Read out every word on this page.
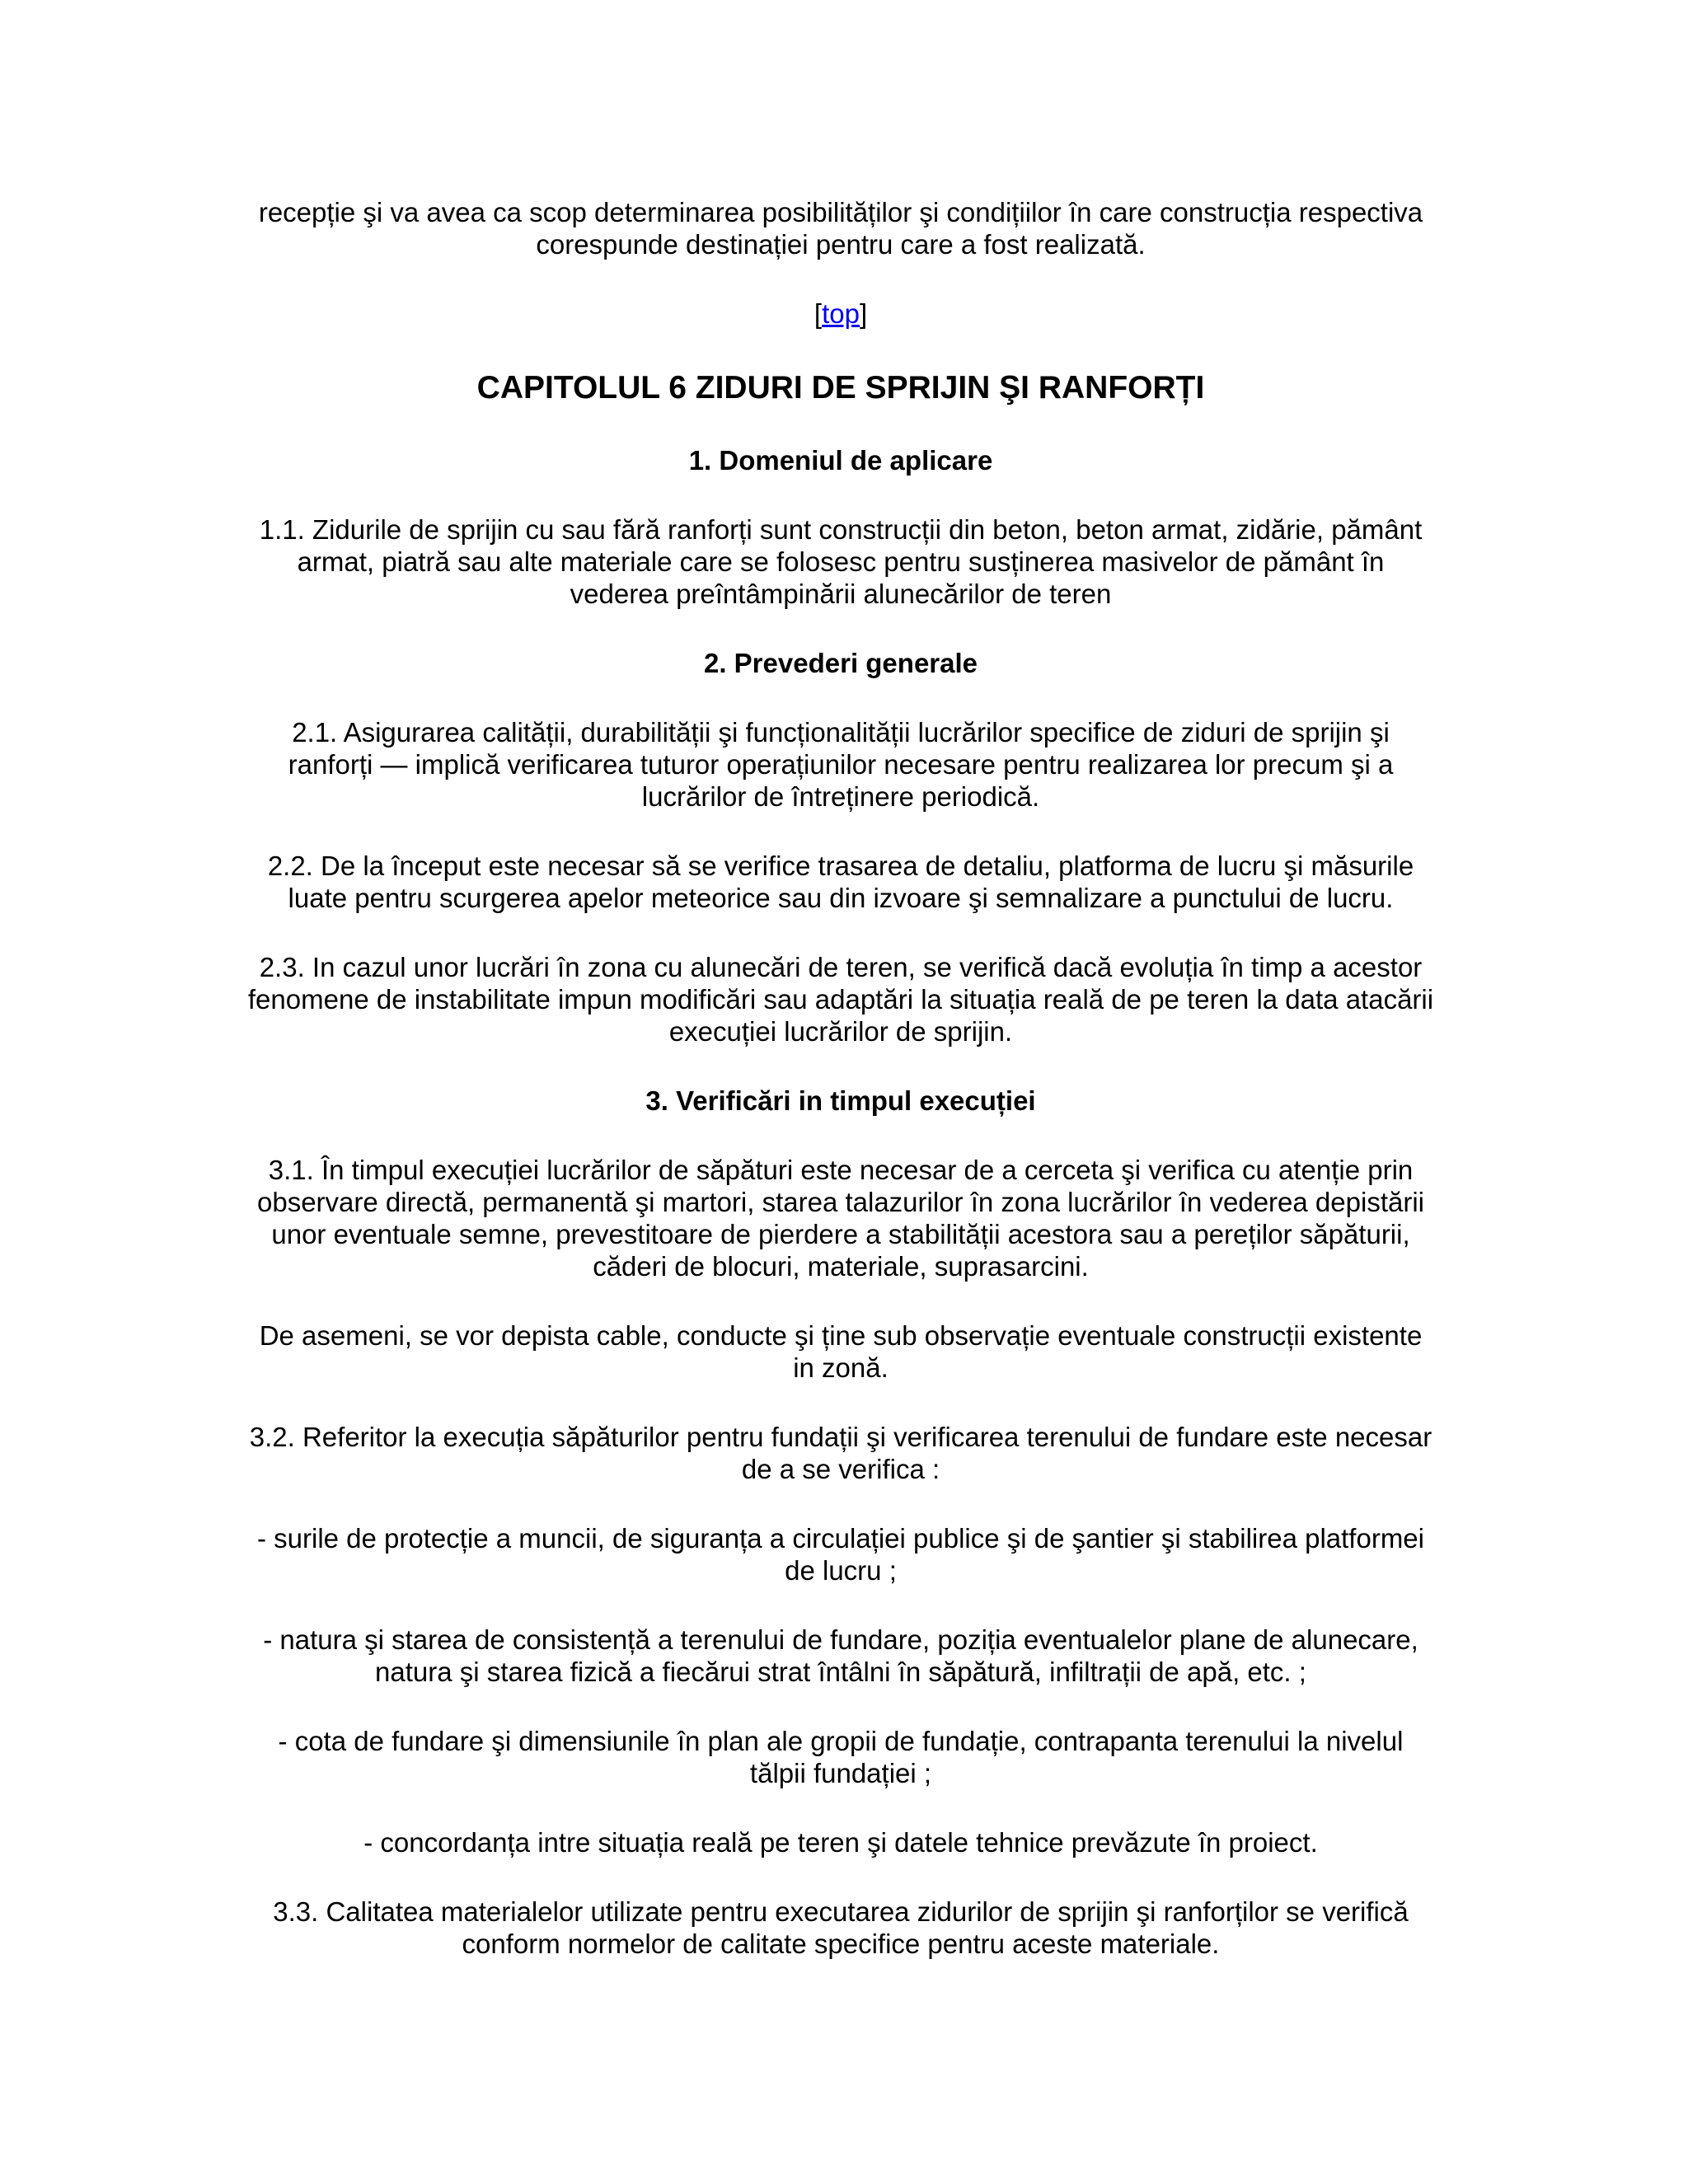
recepție şi va avea ca scop determinarea posibilităților şi condițiilor în care construcția respectiva corespunde destinației pentru care a fost realizată.

[top]
CAPITOLUL 6 ZIDURI DE SPRIJIN ŞI RANFORȚI
1. Domeniul de aplicare

1.1. Zidurile de sprijin cu sau fără ranforți sunt construcții din beton, beton armat, zidărie, pământ armat, piatră sau alte materiale care se folosesc pentru susținerea masivelor de pământ în vederea preîntâmpinării alunecărilor de teren

2. Prevederi generale

2.1. Asigurarea calității, durabilității şi funcționalității lucrărilor specifice de ziduri de sprijin şi ranforți — implică verificarea tuturor operațiunilor necesare pentru realizarea lor precum şi a lucrărilor de întreținere periodică.

2.2. De la început este necesar să se verifice trasarea de detaliu, platforma de lucru şi măsurile luate pentru scurgerea apelor meteorice sau din izvoare şi semnalizare a punctului de lucru.

2.3. In cazul unor lucrări în zona cu alunecări de teren, se verifică dacă evoluția în timp a acestor fenomene de instabilitate impun modificări sau adaptări la situația reală de pe teren la data atacării execuției lucrărilor de sprijin.

3. Verificări in timpul execuției

3.1. În timpul execuției lucrărilor de săpături este necesar de a cerceta şi verifica cu atenție prin observare directă, permanentă şi martori, starea talazurilor în zona lucrărilor în vederea depistării unor eventuale semne, prevestitoare de pierdere a stabilității acestora sau a pereților săpăturii, căderi de blocuri, materiale, suprasarcini.

De asemeni, se vor depista cable, conducte şi ține sub observație eventuale construcții existente in zonă.

3.2. Referitor la execuția săpăturilor pentru fundații şi verificarea terenului de fundare este necesar de a se verifica :

- surile de protecție a muncii, de siguranța a circulației publice şi de şantier şi stabilirea platformei de lucru ;

- natura şi starea de consistență a terenului de fundare, poziția eventualelor plane de alunecare, natura şi starea fizică a fiecărui strat întâlni în săpătură, infiltrații de apă, etc. ;

- cota de fundare şi dimensiunile în plan ale gropii de fundație, contrapanta terenului la nivelul tălpii fundației ;

- concordanța intre situația reală pe teren şi datele tehnice prevăzute în proiect.

3.3. Calitatea materialelor utilizate pentru executarea zidurilor de sprijin şi ranforților se verifică conform normelor de calitate specifice pentru aceste materiale.
